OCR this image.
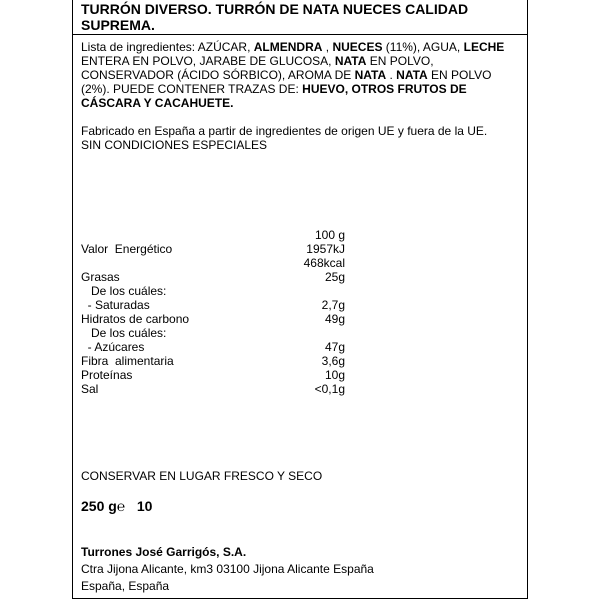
TURRÓN DIVERSO. TURRÓN DE NATA NUECES CALIDAD SUPREMA.

Lista de ingredientes: AZÚCAR, ALMENDRA , NUECES (11%), AGUA, LECHE ENTERA EN POLVO, JARABE DE GLUCOSA, NATA EN POLVO, CONSERVADOR (ÁCIDO SÓRBICO), AROMA DE NATA . NATA EN POLVO (2%). PUEDE CONTENER TRAZAS DE: HUEVO, OTROS FRUTOS DE CÁSCARA Y CACAHUETE.
Fabricado en España a partir de ingredientes de origen UE y fuera de la UE.
SIN CONDICIONES ESPECIALES
100 g
Valor  Energético	1957kJ
468kcal
Grasas	25g
De los cuáles:
- Saturadas	2,7g
Hidratos de carbono	49g
De los cuáles:
- Azúcares	47g
Fibra  alimentaria	3,6g
Proteínas	10g
Sal	<0,1g
CONSERVAR EN LUGAR FRESCO Y SECO
250 g℮ 10
Turrones José Garrigós, S.A.
Ctra Jijona Alicante, km3 03100 Jijona Alicante España
España, España
